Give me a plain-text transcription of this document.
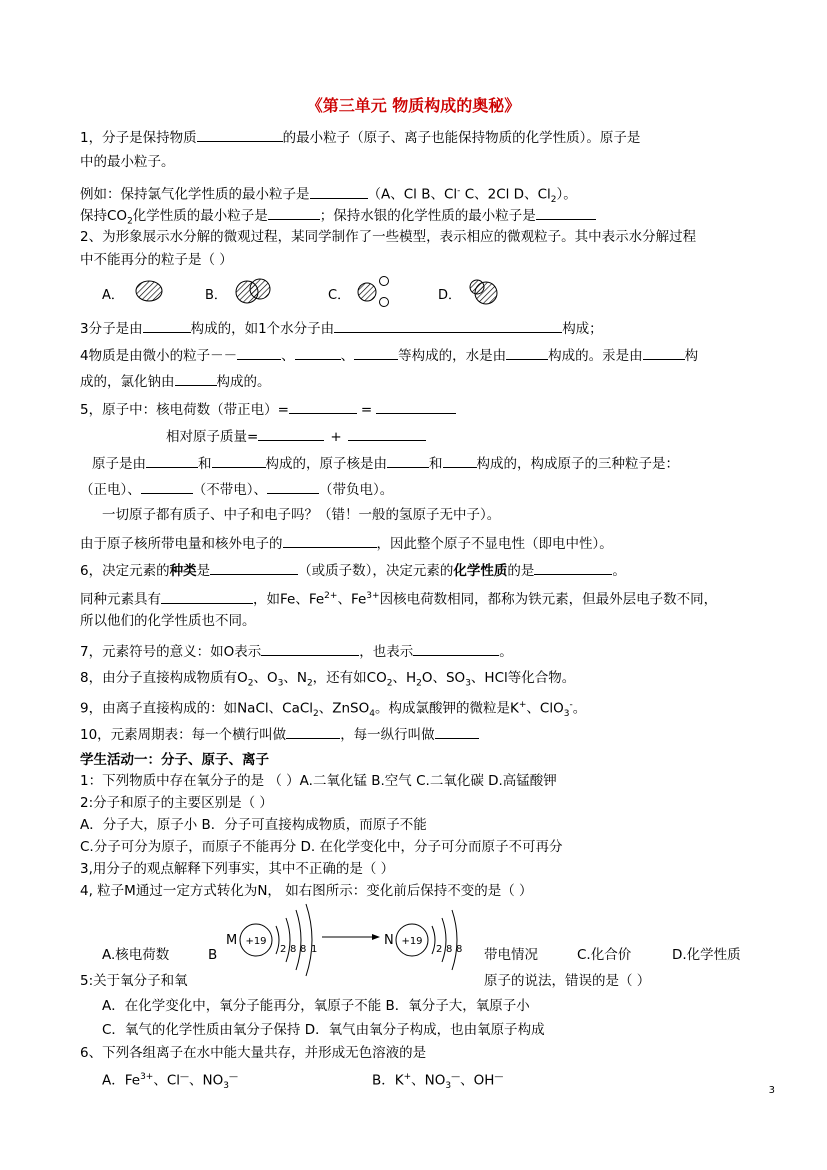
《第三单元 物质构成的奥秘》
1，分子是保持物质	的最小粒子（原子、离子也能保持物质的化学性质）。原子是
中的最小粒子。
例如：保持氯气化学性质的最小粒子是	（A、Cl B、Cl- C、2Cl D、$Cl_2$）。
保持$CO_2$化学性质的最小粒子是	；保持水银的化学性质的最小粒子是
2、为形象展示水分解的微观过程，某同学制作了一些模型，表示相应的微观粒子。其中表示水分解过程
中不能再分的粒子是（ ）
A．	B．	C．	D．
3分子是由	构成的，如1个水分子由	构成；
4物质是由微小的粒子－－	、	、	等构成的，水是由	构成的。汞是由	构
成的，氯化钠由	构成的。
5，原子中：核电荷数（带正电）=	=
相对原子质量=	+
原子是由	和	构成的，原子核是由	和	构成的，构成原子的三种粒子是：
（正电）、	（不带电）、	（带负电）。
一切原子都有质子、中子和电子吗？（错！一般的氢原子无中子）。
由于原子核所带电量和核外电子的	，因此整个原子不显电性（即电中性）。
6，决定元素的种类是	（或质子数），决定元素的化学性质的是	。
同种元素具有	，如Fe、$Fe^{2+}$、$Fe^{3+}$因核电荷数相同，都称为铁元素，但最外层电子数不同，
所以他们的化学性质也不同。
7，元素符号的意义：如O表示	，也表示	。
8，由分子直接构成物质有$O_2$、$O_3$、$N_2$，还有如$CO_2$、$H_2O$、$SO_3$、HCl等化合物。
9，由离子直接构成的：如NaCl、CaCl$_2$、ZnSO$_4$。构成氯酸钾的微粒是K+、ClO$_3$-。
10，元素周期表：每一个横行叫做	，每一纵行叫做
学生活动一：分子、原子、离子
1：下列物质中存在氧分子的是 （ ）A.二氧化锰 B.空气 C.二氧化碳 D.高锰酸钾
2:分子和原子的主要区别是（ ）
A．分子大，原子小 B．分子可直接构成物质，而原子不能
C.分子可分为原子，而原子不能再分 D. 在化学变化中，分子可分而原子不可再分
3,用分子的观点解释下列事实，其中不正确的是（ ）
4, 粒子M通过一定方式转化为N， 如右图所示：变化前后保持不变的是（ ）
M +19
2 8 8 1
N +19
2 8 8
A.核电荷数	B	带电情况	C.化合价	D.化学性质
5:关于氧分子和氧	原子的说法，错误的是（ ）
A．在化学变化中，氧分子能再分，氧原子不能 B．氧分子大，氧原子小
C．氧气的化学性质由氧分子保持 D．氧气由氧分子构成，也由氧原子构成
6、下列各组离子在水中能大量共存，并形成无色溶液的是
A．$Fe^{3+}$、Cl—、$NO_3^—$	B．K+、$NO_3^—$、OH—
3
